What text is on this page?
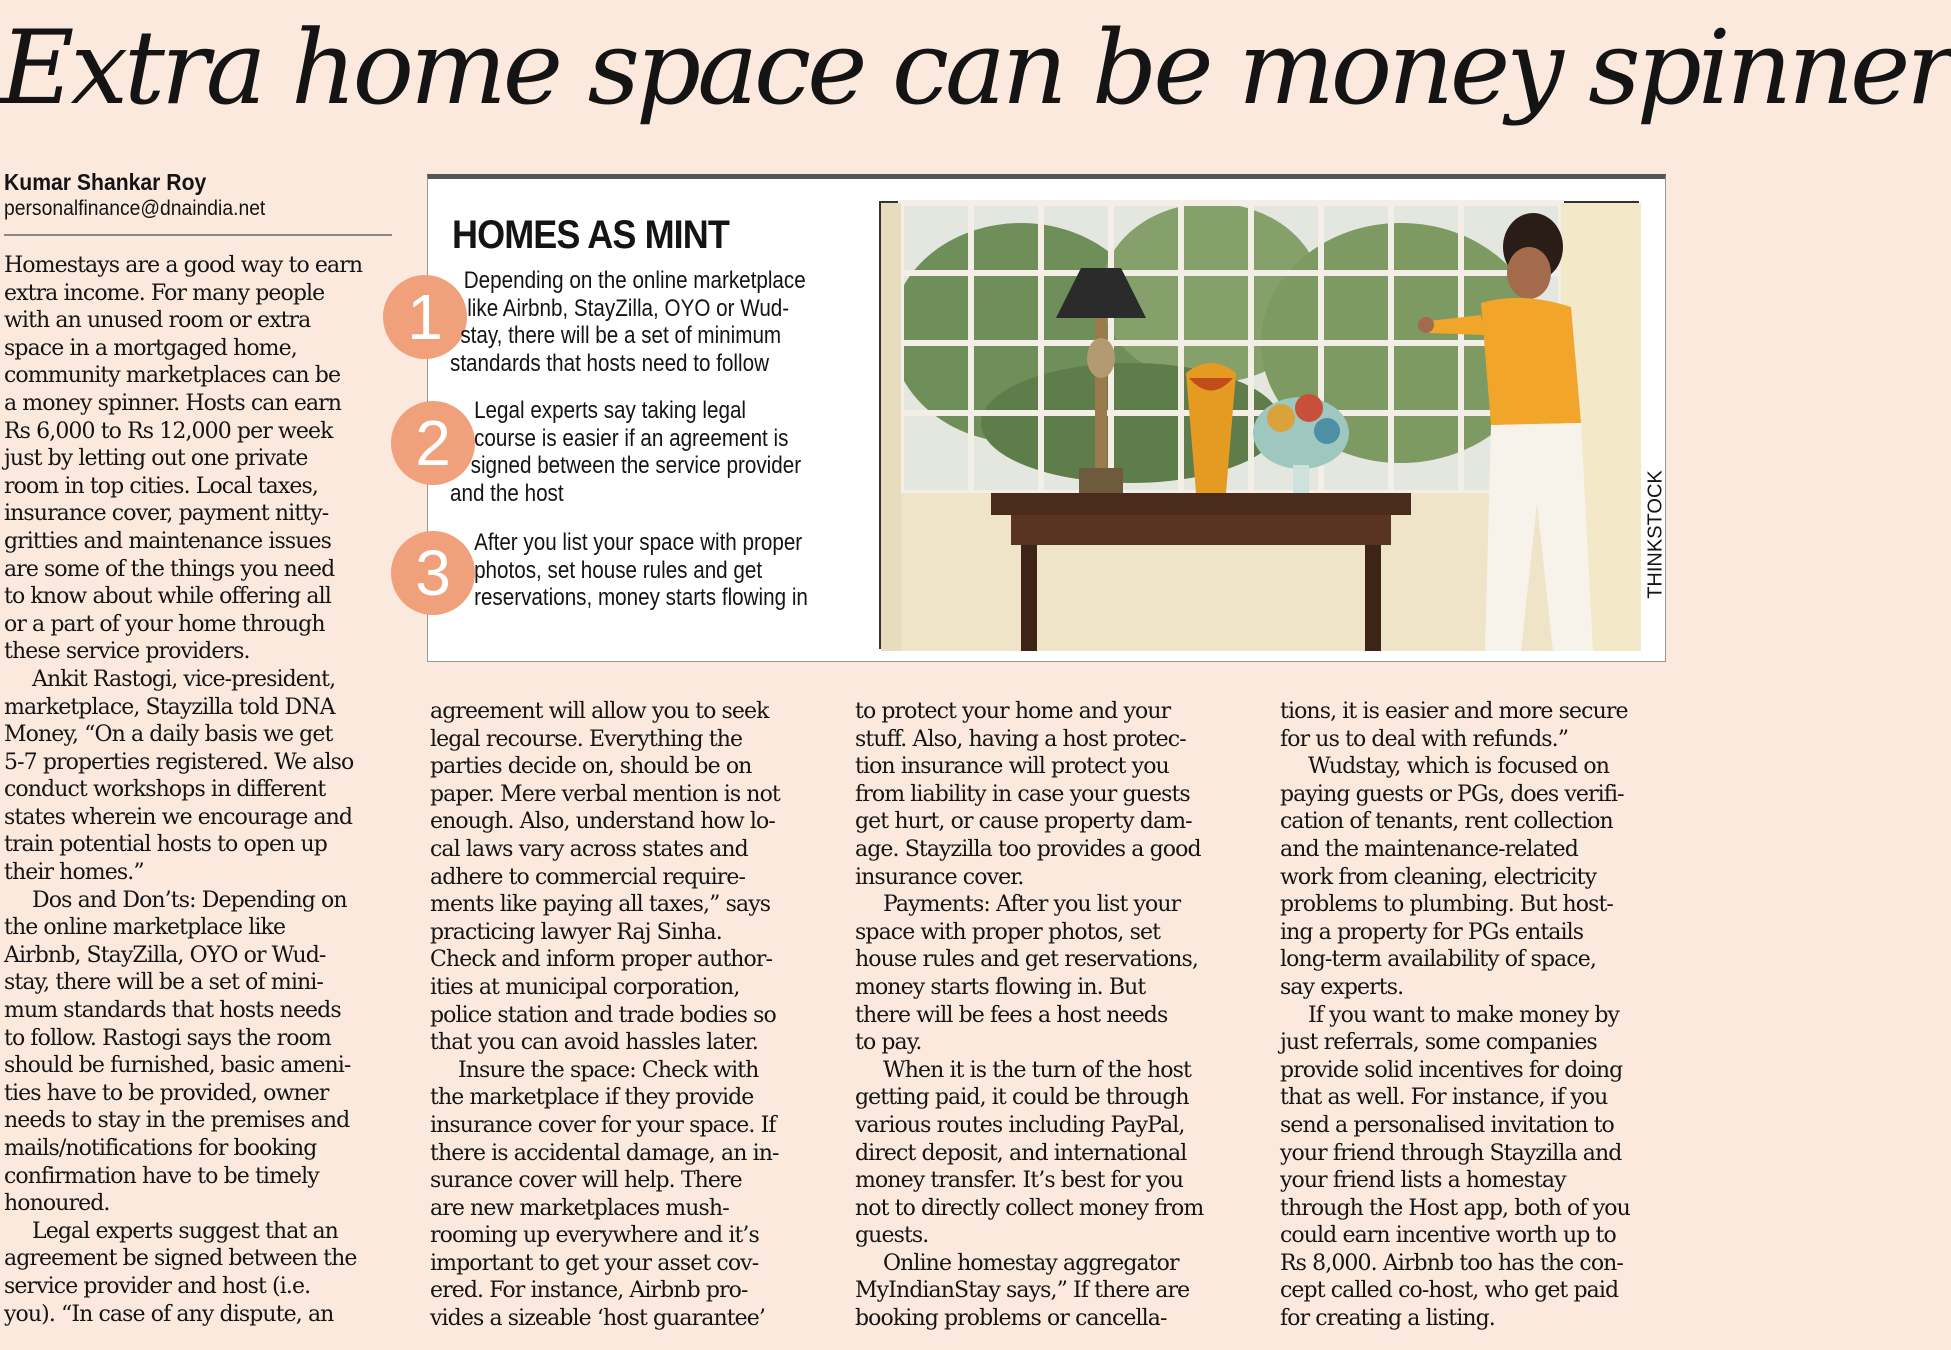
Extra home space can be money spinner
Kumar Shankar Roy
personalfinance@dnaindia.net
HOMES AS MINT
1
Depending on the online marketplace
like Airbnb, StayZilla, OYO or Wud-
stay, there will be a set of minimum
standards that hosts need to follow
2 Legal experts say taking legal
course is easier if an agreement is
signed between the service provider
and the host
3 After you list your space with proper
photos, set house rules and get
reservations, money starts flowing in	THINKSTOCK
Homestays are a good way to earn
extra income. For many people
with an unused room or extra
space in a mortgaged home,
community marketplaces can be
a money spinner. Hosts can earn
Rs 6,000 to Rs 12,000 per week
just by letting out one private
room in top cities. Local taxes,
insurance cover, payment nitty-
gritties and maintenance issues
are some of the things you need
to know about while offering all
or a part of your home through
these service providers.
Ankit Rastogi, vice-president,
marketplace, Stayzilla told DNA
Money, “On a daily basis we get
5-7 properties registered. We also
conduct workshops in different
states wherein we encourage and
train potential hosts to open up
their homes.”
Dos and Don’ts: Depending on
the online marketplace like
Airbnb, StayZilla, OYO or Wud-
stay, there will be a set of mini-
mum standards that hosts needs
to follow. Rastogi says the room
should be furnished, basic ameni-
ties have to be provided, owner
needs to stay in the premises and
mails/notifications for booking
confirmation have to be timely
honoured.
Legal experts suggest that an
agreement be signed between the
service provider and host (i.e.
you). “In case of any dispute, an
agreement will allow you to seek
legal recourse. Everything the
parties decide on, should be on
paper. Mere verbal mention is not
enough. Also, understand how lo-
cal laws vary across states and
adhere to commercial require-
ments like paying all taxes,” says
practicing lawyer Raj Sinha.
Check and inform proper author-
ities at municipal corporation,
police station and trade bodies so
that you can avoid hassles later.
Insure the space: Check with
the marketplace if they provide
insurance cover for your space. If
there is accidental damage, an in-
surance cover will help. There
are new marketplaces mush-
rooming up everywhere and it’s
important to get your asset cov-
ered. For instance, Airbnb pro-
vides a sizeable ‘host guarantee’
to protect your home and your
stuff. Also, having a host protec-
tion insurance will protect you
from liability in case your guests
get hurt, or cause property dam-
age. Stayzilla too provides a good
insurance cover.
Payments: After you list your
space with proper photos, set
house rules and get reservations,
money starts flowing in. But
there will be fees a host needs
to pay.
When it is the turn of the host
getting paid, it could be through
various routes including PayPal,
direct deposit, and international
money transfer. It’s best for you
not to directly collect money from
guests.
Online homestay aggregator
MyIndianStay says,” If there are
booking problems or cancella-
tions, it is easier and more secure
for us to deal with refunds.”
Wudstay, which is focused on
paying guests or PGs, does verifi-
cation of tenants, rent collection
and the maintenance-related
work from cleaning, electricity
problems to plumbing. But host-
ing a property for PGs entails
long-term availability of space,
say experts.
If you want to make money by
just referrals, some companies
provide solid incentives for doing
that as well. For instance, if you
send a personalised invitation to
your friend through Stayzilla and
your friend lists a homestay
through the Host app, both of you
could earn incentive worth up to
Rs 8,000. Airbnb too has the con-
cept called co-host, who get paid
for creating a listing.
